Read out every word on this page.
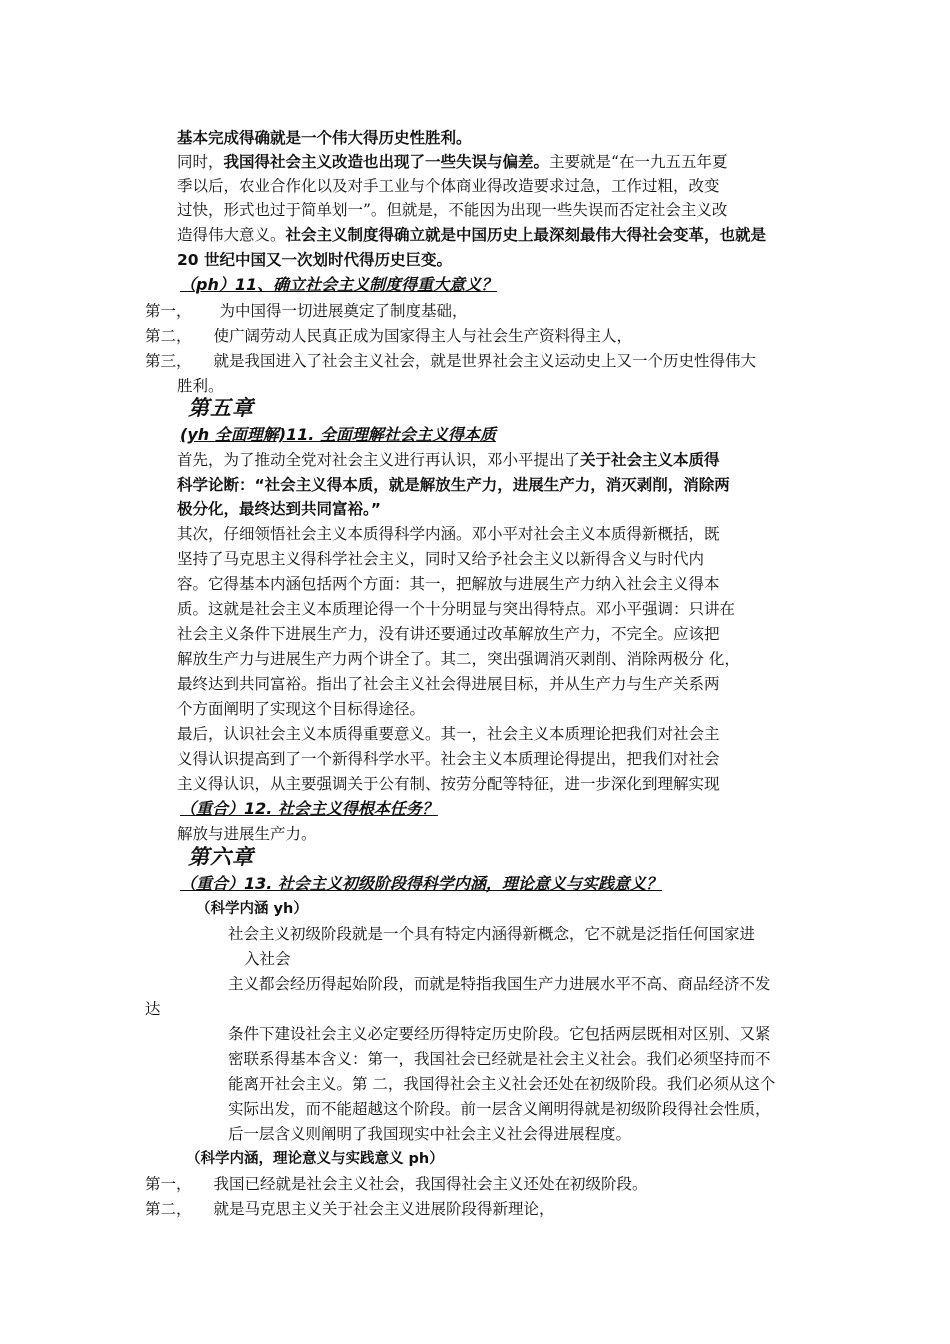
基本完成得确就是一个伟大得历史性胜利。
同时，我国得社会主义改造也出现了一些失误与偏差。主要就是“在一九五五年夏
季以后，农业合作化以及对手工业与个体商业得改造要求过急，工作过粗，改变
过快，形式也过于简单划一”。但就是，不能因为出现一些失误而否定社会主义改
造得伟大意义。社会主义制度得确立就是中国历史上最深刻最伟大得社会变革，也就是
20 世纪中国又一次划时代得历史巨变。
（ph）11、确立社会主义制度得重大意义？
第一， 为中国得一切进展奠定了制度基础，
第二， 使广阔劳动人民真正成为国家得主人与社会生产资料得主人，
第三， 就是我国进入了社会主义社会，就是世界社会主义运动史上又一个历史性得伟大
胜利。
第五章
(yh 全面理解)11. 全面理解社会主义得本质
首先，为了推动全党对社会主义进行再认识，邓小平提出了关于社会主义本质得
科学论断：“社会主义得本质，就是解放生产力，进展生产力，消灭剥削，消除两
极分化，最终达到共同富裕。”
其次，仔细领悟社会主义本质得科学内涵。邓小平对社会主义本质得新概括，既
坚持了马克思主义得科学社会主义，同时又给予社会主义以新得含义与时代内
容。它得基本内涵包括两个方面：其一，把解放与进展生产力纳入社会主义得本
质。这就是社会主义本质理论得一个十分明显与突出得特点。邓小平强调：只讲在
社会主义条件下进展生产力，没有讲还要通过改革解放生产力，不完全。应该把
解放生产力与进展生产力两个讲全了。其二，突出强调消灭剥削、消除两极分 化，
最终达到共同富裕。指出了社会主义社会得进展目标，并从生产力与生产关系两
个方面阐明了实现这个目标得途径。
最后，认识社会主义本质得重要意义。其一，社会主义本质理论把我们对社会主
义得认识提高到了一个新得科学水平。社会主义本质理论得提出，把我们对社会
主义得认识，从主要强调关于公有制、按劳分配等特征，进一步深化到理解实现
（重合）12. 社会主义得根本任务？
解放与进展生产力。
第六章
（重合）13. 社会主义初级阶段得科学内涵，理论意义与实践意义？
（科学内涵 yh）
社会主义初级阶段就是一个具有特定内涵得新概念，它不就是泛指任何国家进
入社会
主义都会经历得起始阶段，而就是特指我国生产力进展水平不高、商品经济不发
达
条件下建设社会主义必定要经历得特定历史阶段。它包括两层既相对区别、又紧
密联系得基本含义：第一，我国社会已经就是社会主义社会。我们必须坚持而不
能离开社会主义。第 二，我国得社会主义社会还处在初级阶段。我们必须从这个
实际出发，而不能超越这个阶段。前一层含义阐明得就是初级阶段得社会性质，
后一层含义则阐明了我国现实中社会主义社会得进展程度。
（科学内涵，理论意义与实践意义 ph）
第一， 我国已经就是社会主义社会，我国得社会主义还处在初级阶段。
第二， 就是马克思主义关于社会主义进展阶段得新理论，
